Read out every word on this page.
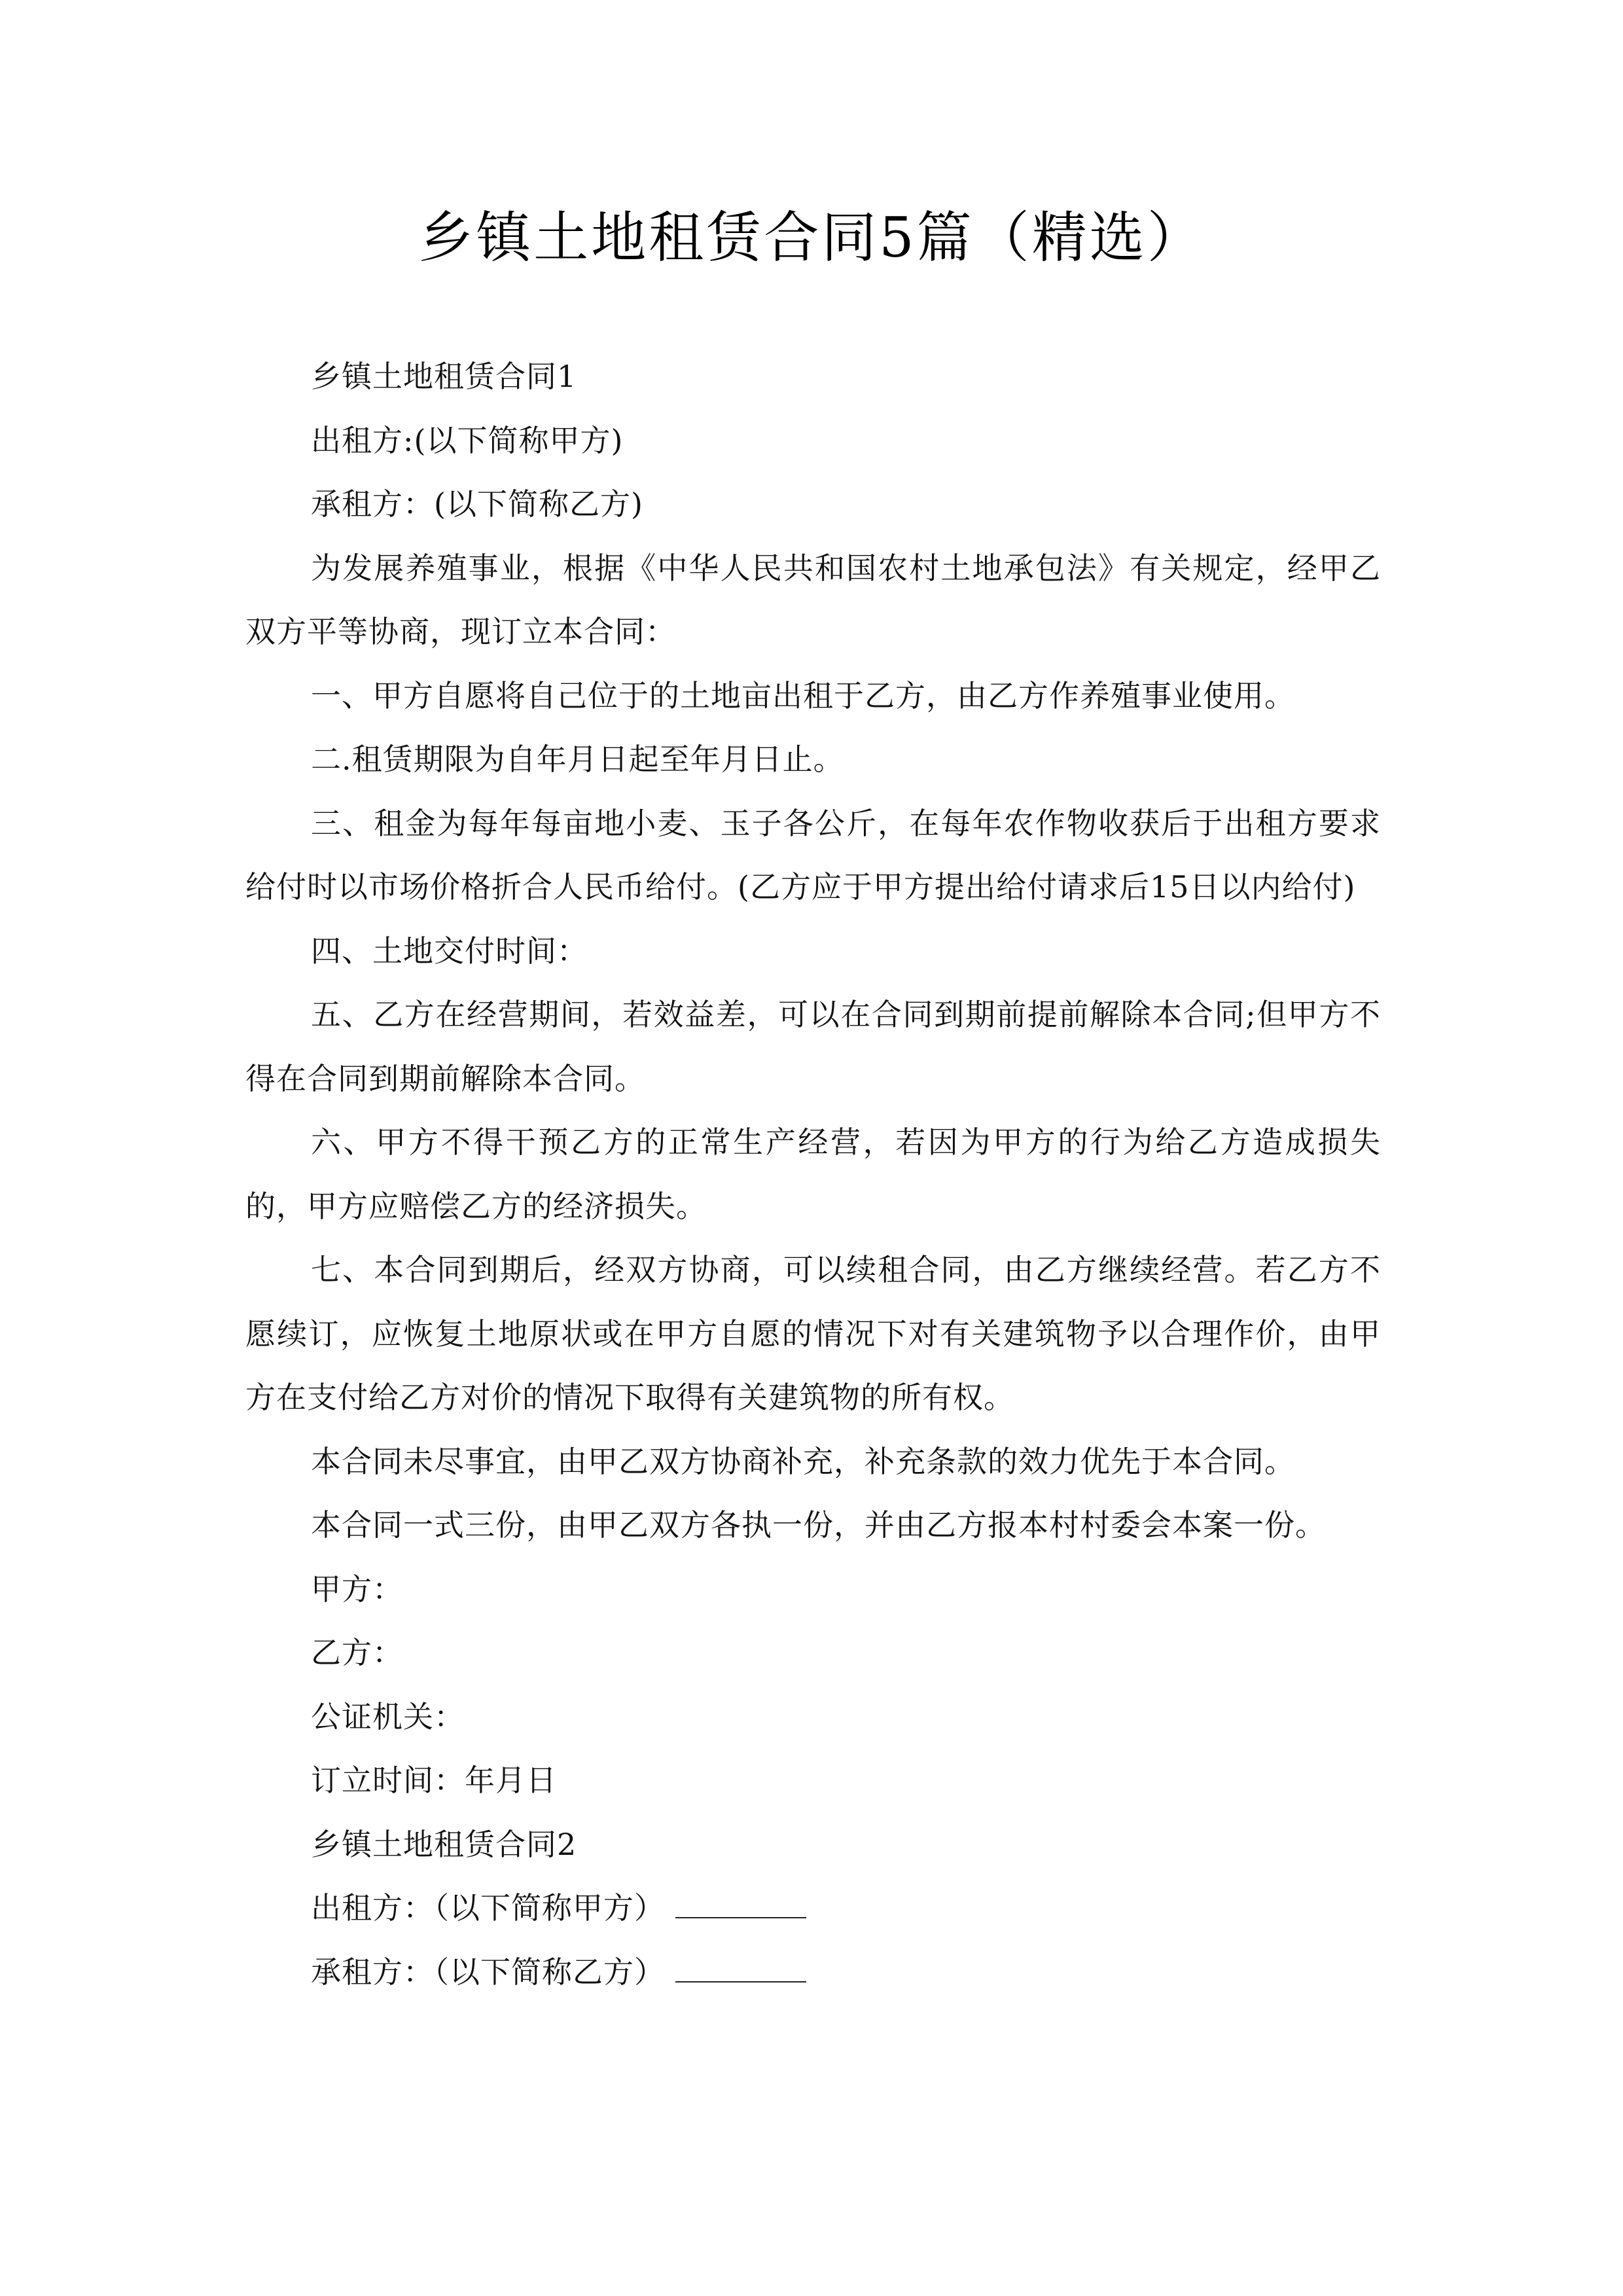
乡镇土地租赁合同5篇（精选）

乡镇土地租赁合同1

出租方:(以下简称甲方)

承租方：(以下简称乙方)

为发展养殖事业，根据《中华人民共和国农村土地承包法》有关规定，经甲乙双方平等协商，现订立本合同：

一、甲方自愿将自己位于的土地亩出租于乙方，由乙方作养殖事业使用。

二.租赁期限为自年月日起至年月日止。

三、租金为每年每亩地小麦、玉子各公斤，在每年农作物收获后于出租方要求给付时以市场价格折合人民币给付。(乙方应于甲方提出给付请求后15日以内给付)

四、土地交付时间：

五、乙方在经营期间，若效益差，可以在合同到期前提前解除本合同;但甲方不得在合同到期前解除本合同。

六、甲方不得干预乙方的正常生产经营，若因为甲方的行为给乙方造成损失的，甲方应赔偿乙方的经济损失。

七、本合同到期后，经双方协商，可以续租合同，由乙方继续经营。若乙方不愿续订，应恢复土地原状或在甲方自愿的情况下对有关建筑物予以合理作价，由甲方在支付给乙方对价的情况下取得有关建筑物的所有权。

本合同未尽事宜，由甲乙双方协商补充，补充条款的效力优先于本合同。

本合同一式三份，由甲乙双方各执一份，并由乙方报本村村委会本案一份。

甲方：

乙方：

公证机关：

订立时间：年月日

乡镇土地租赁合同2

出租方：（以下简称甲方）

承租方：（以下简称乙方）
